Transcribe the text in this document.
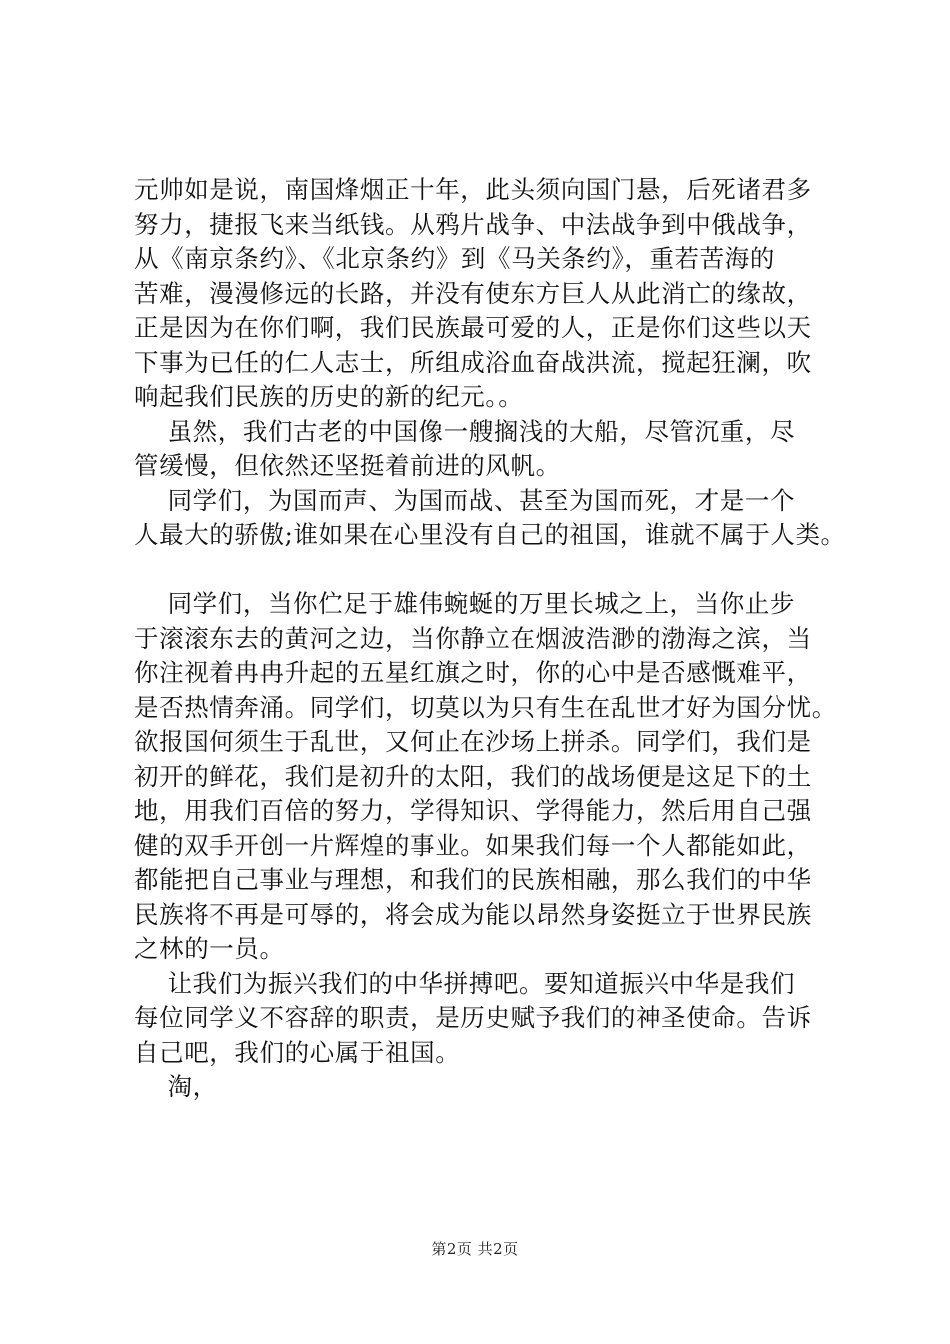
元帅如是说，南国烽烟正十年，此头须向国门悬，后死诸君多
努力，捷报飞来当纸钱。从鸦片战争、中法战争到中俄战争，
从《南京条约》、《北京条约》到《马关条约》，重若苦海的
苦难，漫漫修远的长路，并没有使东方巨人从此消亡的缘故，
正是因为在你们啊，我们民族最可爱的人，正是你们这些以天
下事为已任的仁人志士，所组成浴血奋战洪流，搅起狂澜，吹
响起我们民族的历史的新的纪元。。

虽然，我们古老的中国像一艘搁浅的大船，尽管沉重，尽
管缓慢，但依然还坚挺着前进的风帆。

同学们，为国而声、为国而战、甚至为国而死，才是一个
人最大的骄傲;谁如果在心里没有自己的祖国，谁就不属于人类。

同学们，当你伫足于雄伟蜿蜒的万里长城之上，当你止步
于滚滚东去的黄河之边，当你静立在烟波浩渺的渤海之滨，当
你注视着冉冉升起的五星红旗之时，你的心中是否感慨难平，
是否热情奔涌。同学们，切莫以为只有生在乱世才好为国分忧。
欲报国何须生于乱世，又何止在沙场上拼杀。同学们，我们是
初开的鲜花，我们是初升的太阳，我们的战场便是这足下的土
地，用我们百倍的努力，学得知识、学得能力，然后用自己强
健的双手开创一片辉煌的事业。如果我们每一个人都能如此，
都能把自己事业与理想，和我们的民族相融，那么我们的中华
民族将不再是可辱的，将会成为能以昂然身姿挺立于世界民族
之林的一员。

让我们为振兴我们的中华拼搏吧。要知道振兴中华是我们
每位同学义不容辞的职责，是历史赋予我们的神圣使命。告诉
自己吧，我们的心属于祖国。

淘，

第2页 共2页
